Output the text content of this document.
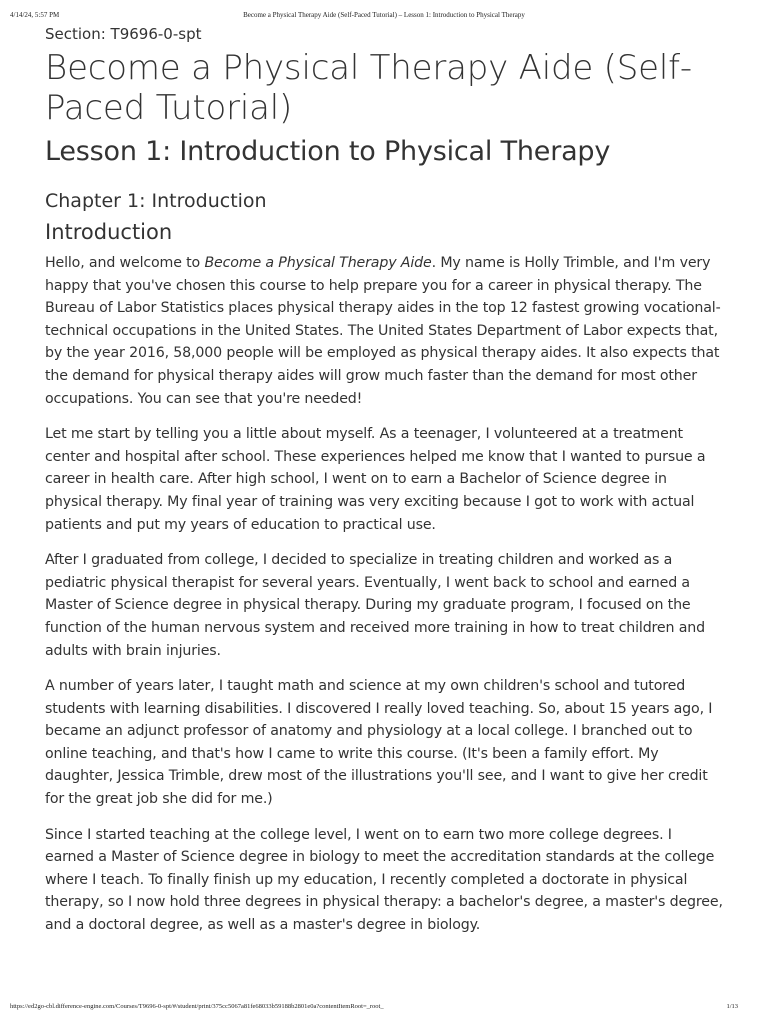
4/14/24, 5:57 PM	Become a Physical Therapy Aide (Self-Paced Tutorial) – Lesson 1: Introduction to Physical Therapy
Section: T9696-0-spt
Become a Physical Therapy Aide (Self-Paced Tutorial)
Lesson 1: Introduction to Physical Therapy
Chapter 1: Introduction
Introduction

Hello, and welcome to Become a Physical Therapy Aide. My name is Holly Trimble, and I'm very happy that you've chosen this course to help prepare you for a career in physical therapy. The Bureau of Labor Statistics places physical therapy aides in the top 12 fastest growing vocational-technical occupations in the United States. The United States Department of Labor expects that, by the year 2016, 58,000 people will be employed as physical therapy aides. It also expects that the demand for physical therapy aides will grow much faster than the demand for most other occupations. You can see that you're needed!

Let me start by telling you a little about myself. As a teenager, I volunteered at a treatment center and hospital after school. These experiences helped me know that I wanted to pursue a career in health care. After high school, I went on to earn a Bachelor of Science degree in physical therapy. My final year of training was very exciting because I got to work with actual patients and put my years of education to practical use.

After I graduated from college, I decided to specialize in treating children and worked as a pediatric physical therapist for several years. Eventually, I went back to school and earned a Master of Science degree in physical therapy. During my graduate program, I focused on the function of the human nervous system and received more training in how to treat children and adults with brain injuries.

A number of years later, I taught math and science at my own children's school and tutored students with learning disabilities. I discovered I really loved teaching. So, about 15 years ago, I became an adjunct professor of anatomy and physiology at a local college. I branched out to online teaching, and that's how I came to write this course. (It's been a family effort. My daughter, Jessica Trimble, drew most of the illustrations you'll see, and I want to give her credit for the great job she did for me.)

Since I started teaching at the college level, I went on to earn two more college degrees. I earned a Master of Science degree in biology to meet the accreditation standards at the college where I teach. To finally finish up my education, I recently completed a doctorate in physical therapy, so I now hold three degrees in physical therapy: a bachelor's degree, a master's degree, and a doctoral degree, as well as a master's degree in biology.

https://ed2go-cbl.difference-engine.com/Courses/T9696-0-spt/#/student/print/375cc5067a81fe68033b59188b2801e0a?contentItemRoot=_root_	1/13
